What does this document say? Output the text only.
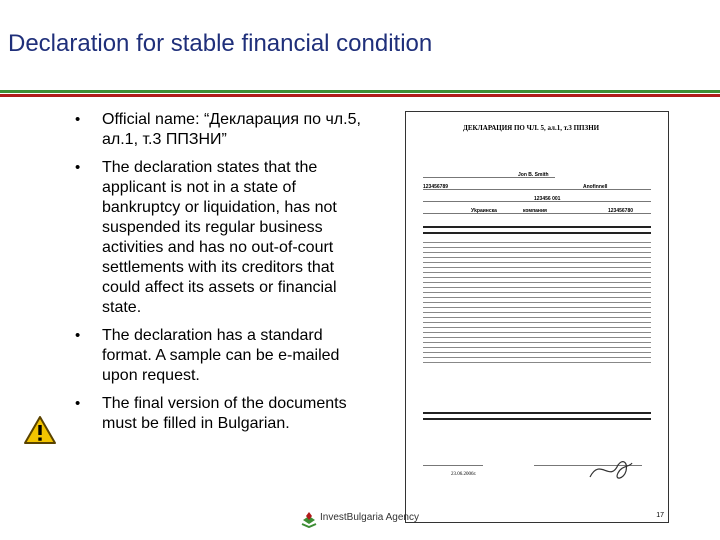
Declaration for stable financial condition
• Official name: “Декларация по чл.5, ал.1, т.3 ППЗНИ”
• The declaration states that the applicant is not in a state of bankruptcy or liquidation, has not suspended its regular business activities and has no out-of-court settlements with its creditors that could affect its assets or financial state.
• The declaration has a standard format. A sample can be e-mailed upon request.
• The final version of the documents must be filled in Bulgarian.
ДЕКЛАРАЦИЯ ПО ЧЛ. 5, ал.1, т.3 ППЗНИ
Jon B. Smith
123456789	Anofinnell
123456 001
Уkраинcкa	компания	123456780
23.06.2006г.
17
InvestBulgaria Agency
